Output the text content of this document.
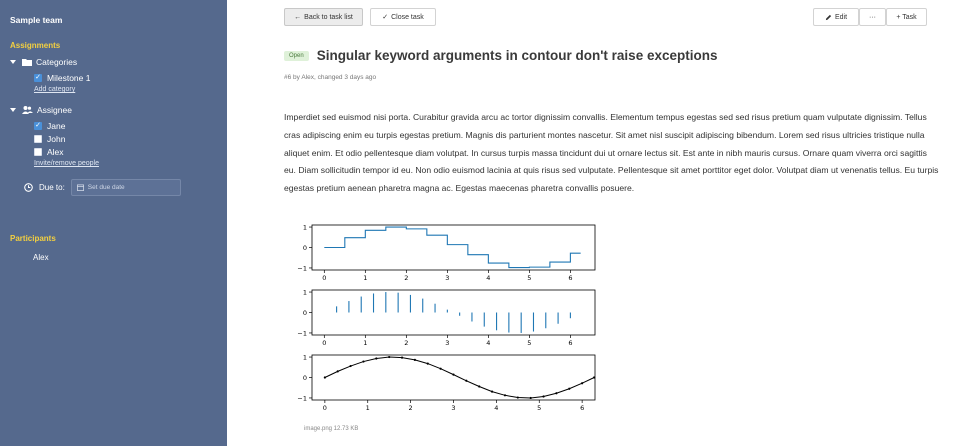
Sample team
Assignments
Categories
✓ Milestone 1
Add category
Assignee
✓ Jane
John
Alex
Invite/remove people
Due to:	Set due date
Participants
Alex
← Back to task list	✓ Close task	Edit	···	+ Task
Open Singular keyword arguments in contour don't raise exceptions
#6 by Alex, changed 3 days ago
Imperdiet sed euismod nisi porta. Curabitur gravida arcu ac tortor dignissim convallis. Elementum tempus egestas sed sed risus pretium quam vulputate dignissim. Tellus cras adipiscing enim eu turpis egestas pretium. Magnis dis parturient montes nascetur. Sit amet nisl suscipit adipiscing bibendum. Lorem sed risus ultricies tristique nulla aliquet enim. Et odio pellentesque diam volutpat. In cursus turpis massa tincidunt dui ut ornare lectus sit. Est ante in nibh mauris cursus. Ornare quam viverra orci sagittis eu. Diam sollicitudin tempor id eu. Non odio euismod lacinia at quis risus sed vulputate. Pellentesque sit amet porttitor eget dolor. Volutpat diam ut venenatis tellus. Eu turpis egestas pretium aenean pharetra magna ac. Egestas maecenas pharetra convallis posuere.
1
0
−1
0	1	2	3	4	5	6
1
0
−1
0	1	2	3	4	5	6
1
0
−1
0	1	2	3	4	5	6
image.png 12.73 KB
